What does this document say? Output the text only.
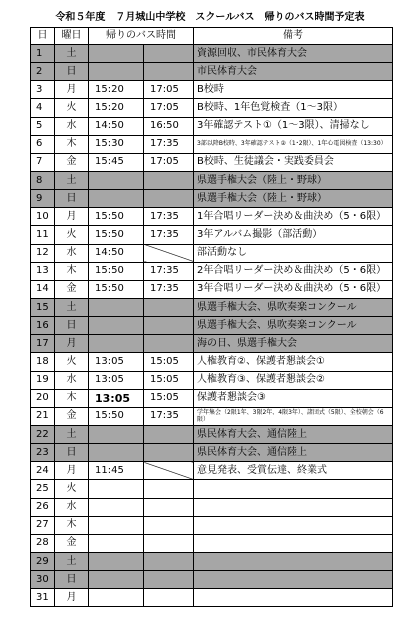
令和５年度　７月城山中学校　スクールバス　帰りのバス時間予定表
日	曜日	帰りのバス時間		備考
1	土			資源回収、市民体育大会
2	日			市民体育大会
3	月	15:20	17:05	B校時
4	火	15:20	17:05	B校時、1年色覚検査（1～3限）
5	水	14:50	16:50	3年確認テスト①（1～3限）、清掃なし
6	木	15:30	17:35	3部以降B校時、3年確認テスト②（1･2限）、1年心電図検査（13:30）
7	金	15:45	17:05	B校時、生徒議会・実践委員会
8	土			県選手権大会（陸上・野球）
9	日			県選手権大会（陸上・野球）
10	月	15:50	17:35	1年合唱リーダー決め＆曲決め（5・6限）
11	火	15:50	17:35	3年アルバム撮影（部活動）
12	水	14:50		部活動なし
13	木	15:50	17:35	2年合唱リーダー決め＆曲決め（5・6限）
14	金	15:50	17:35	3年合唱リーダー決め＆曲決め（5・6限）
15	土			県選手権大会、県吹奏楽コンクール
16	日			県選手権大会、県吹奏楽コンクール
17	月			海の日、県選手権大会
18	火	13:05	15:05	人権教育②、保護者懇談会①
19	水	13:05	15:05	人権教育③、保護者懇談会②
20	木	13:05	15:05	保護者懇談会③
21	金	15:50	17:35	学年集会（2限1年、3限2年、4限3年）、諸団式（5限）、全校朝会（6限）
22	土			県民体育大会、通信陸上
23	日			県民体育大会、通信陸上
24	月	11:45		意見発表、受賞伝達、終業式
25	火			
26	水			
27	木			
28	金			
29	土			
30	日			
31	月			
